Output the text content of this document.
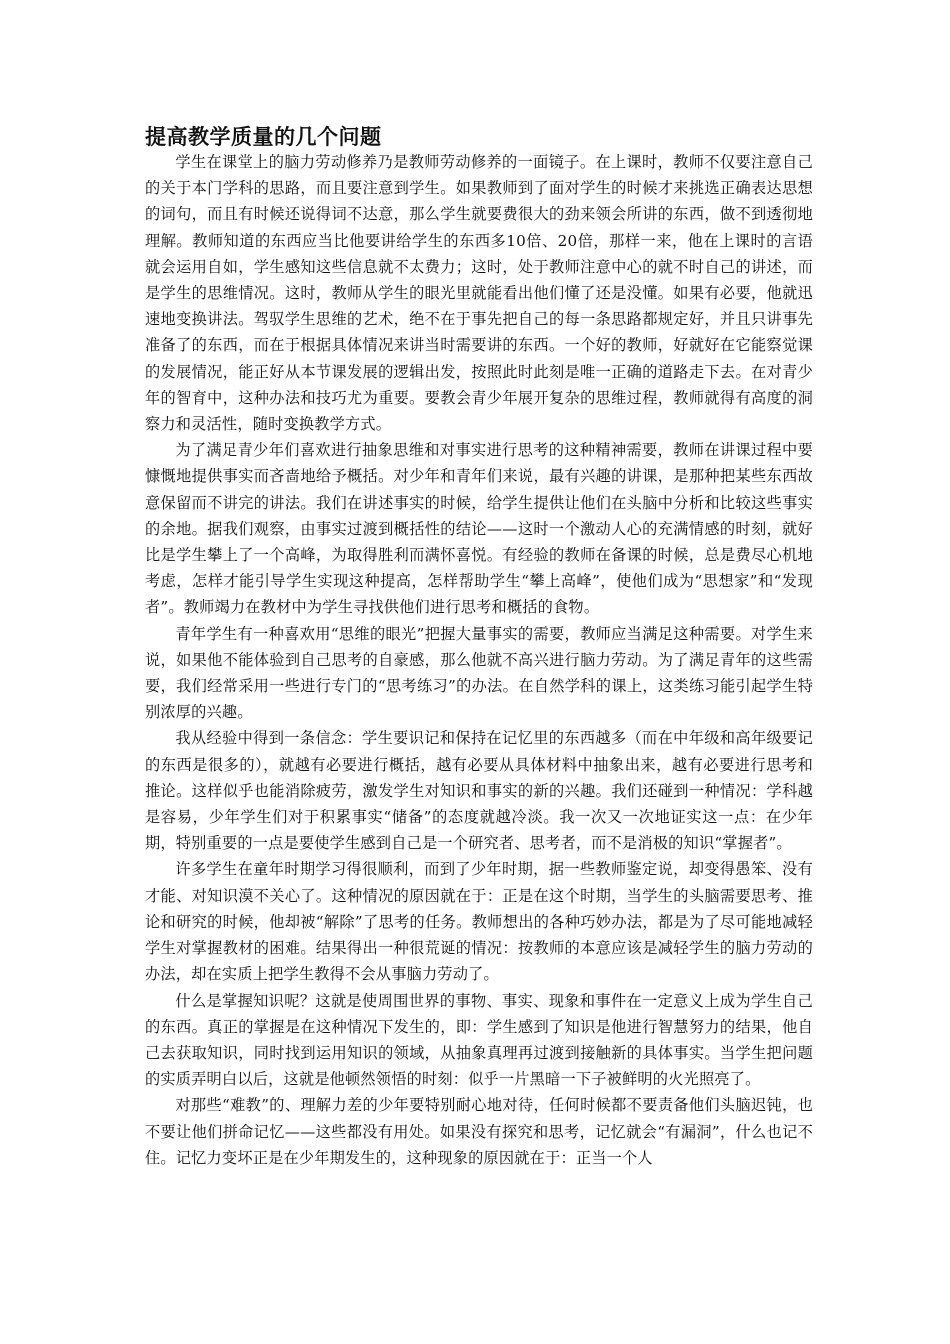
提高教学质量的几个问题

学生在课堂上的脑力劳动修养乃是教师劳动修养的一面镜子。在上课时，教师不仅要注意自己的关于本门学科的思路，而且要注意到学生。如果教师到了面对学生的时候才来挑选正确表达思想的词句，而且有时候还说得词不达意，那么学生就要费很大的劲来领会所讲的东西，做不到透彻地理解。教师知道的东西应当比他要讲给学生的东西多10倍、20倍，那样一来，他在上课时的言语就会运用自如，学生感知这些信息就不太费力；这时，处于教师注意中心的就不时自己的讲述，而是学生的思维情况。这时，教师从学生的眼光里就能看出他们懂了还是没懂。如果有必要，他就迅速地变换讲法。驾驭学生思维的艺术，绝不在于事先把自己的每一条思路都规定好，并且只讲事先准备了的东西，而在于根据具体情况来讲当时需要讲的东西。一个好的教师，好就好在它能察觉课的发展情况，能正好从本节课发展的逻辑出发，按照此时此刻是唯一正确的道路走下去。在对青少年的智育中，这种办法和技巧尤为重要。要教会青少年展开复杂的思维过程，教师就得有高度的洞察力和灵活性，随时变换教学方式。

为了满足青少年们喜欢进行抽象思维和对事实进行思考的这种精神需要，教师在讲课过程中要慷慨地提供事实而吝啬地给予概括。对少年和青年们来说，最有兴趣的讲课，是那种把某些东西故意保留而不讲完的讲法。我们在讲述事实的时候，给学生提供让他们在头脑中分析和比较这些事实的余地。据我们观察，由事实过渡到概括性的结论——这时一个激动人心的充满情感的时刻，就好比是学生攀上了一个高峰，为取得胜利而满怀喜悦。有经验的教师在备课的时候，总是费尽心机地考虑，怎样才能引导学生实现这种提高，怎样帮助学生“攀上高峰”，使他们成为“思想家”和“发现者”。教师竭力在教材中为学生寻找供他们进行思考和概括的食物。

青年学生有一种喜欢用“思维的眼光”把握大量事实的需要，教师应当满足这种需要。对学生来说，如果他不能体验到自己思考的自豪感，那么他就不高兴进行脑力劳动。为了满足青年的这些需要，我们经常采用一些进行专门的“思考练习”的办法。在自然学科的课上，这类练习能引起学生特别浓厚的兴趣。

我从经验中得到一条信念：学生要识记和保持在记忆里的东西越多（而在中年级和高年级要记的东西是很多的），就越有必要进行概括，越有必要从具体材料中抽象出来，越有必要进行思考和推论。这样似乎也能消除疲劳，激发学生对知识和事实的新的兴趣。我们还碰到一种情况：学科越是容易，少年学生们对于积累事实“储备”的态度就越冷淡。我一次又一次地证实这一点：在少年期，特别重要的一点是要使学生感到自己是一个研究者、思考者，而不是消极的知识“掌握者”。

许多学生在童年时期学习得很顺利，而到了少年时期，据一些教师鉴定说，却变得愚笨、没有才能、对知识漠不关心了。这种情况的原因就在于：正是在这个时期，当学生的头脑需要思考、推论和研究的时候，他却被“解除”了思考的任务。教师想出的各种巧妙办法，都是为了尽可能地减轻学生对掌握教材的困难。结果得出一种很荒诞的情况：按教师的本意应该是减轻学生的脑力劳动的办法，却在实质上把学生教得不会从事脑力劳动了。

什么是掌握知识呢？这就是使周围世界的事物、事实、现象和事件在一定意义上成为学生自己的东西。真正的掌握是在这种情况下发生的，即：学生感到了知识是他进行智慧努力的结果，他自己去获取知识，同时找到运用知识的领域，从抽象真理再过渡到接触新的具体事实。当学生把问题的实质弄明白以后，这就是他顿然领悟的时刻：似乎一片黑暗一下子被鲜明的火光照亮了。

对那些“难教”的、理解力差的少年要特别耐心地对待，任何时候都不要责备他们头脑迟钝，也不要让他们拼命记忆——这些都没有用处。如果没有探究和思考，记忆就会“有漏洞”，什么也记不住。记忆力变坏正是在少年期发生的，这种现象的原因就在于：正当一个人
